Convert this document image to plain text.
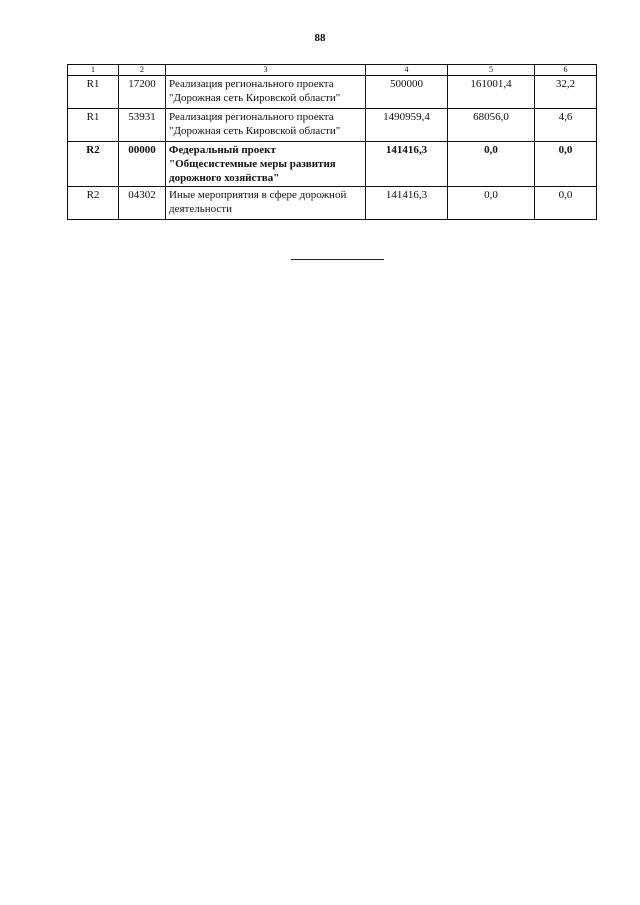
88
1	2	3	4	5	6
R1	17200	Реализация регионального проекта "Дорожная сеть Кировской области"	500000	161001,4	32,2
R1	53931	Реализация регионального проекта "Дорожная сеть Кировской области"	1490959,4	68056,0	4,6
R2	00000	Федеральный проект "Общесистемные меры развития дорожного хозяйства"	141416,3	0,0	0,0
R2	04302	Иные мероприятия в сфере дорожной деятельности	141416,3	0,0	0,0
